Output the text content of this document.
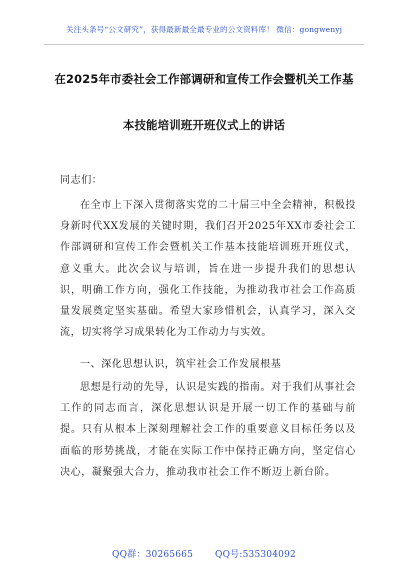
关注头条号“公文研究”，获得最新最全最专业的公文资料库！ 微信：gongwenyj
在2025年市委社会工作部调研和宣传工作会暨机关工作基
本技能培训班开班仪式上的讲话
同志们：
在全市上下深入贯彻落实党的二十届三中全会精神，积极投身新时代XX发展的关键时期，我们召开2025年XX市委社会工作部调研和宣传工作会暨机关工作基本技能培训班开班仪式，意义重大。此次会议与培训，旨在进一步提升我们的思想认识，明确工作方向，强化工作技能，为推动我市社会工作高质量发展奠定坚实基础。希望大家珍惜机会，认真学习，深入交流，切实将学习成果转化为工作动力与实效。
一、深化思想认识，筑牢社会工作发展根基
思想是行动的先导，认识是实践的指南。对于我们从事社会工作的同志而言，深化思想认识是开展一切工作的基础与前提。只有从根本上深刻理解社会工作的重要意义目标任务以及面临的形势挑战，才能在实际工作中保持正确方向，坚定信心决心，凝聚强大合力，推动我市社会工作不断迈上新台阶。
QQ群：30265665 QQ号:535304092
